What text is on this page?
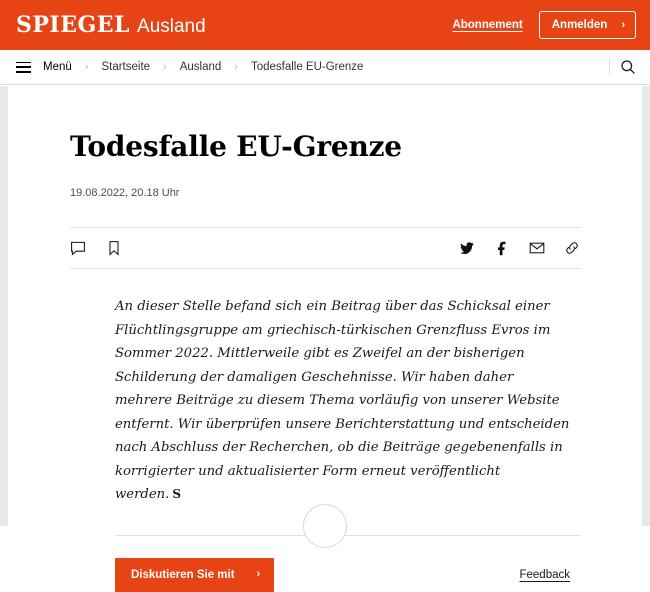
SPIEGEL Ausland	Abonnement	Anmelden ›
Menü › Startseite › Ausland › Todesfalle EU-Grenze
Todesfalle EU-Grenze
19.08.2022, 20.18 Uhr

An dieser Stelle befand sich ein Beitrag über das Schicksal einer Flüchtlingsgruppe am griechisch-türkischen Grenzfluss Evros im Sommer 2022. Mittlerweile gibt es Zweifel an der bisherigen Schilderung der damaligen Geschehnisse. Wir haben daher mehrere Beiträge zu diesem Thema vorläufig von unserer Website entfernt. Wir überprüfen unsere Berichterstattung und entscheiden nach Abschluss der Recherchen, ob die Beiträge gegebenenfalls in korrigierter und aktualisierter Form erneut veröffentlicht werden. S

Diskutieren Sie mit ›	Feedback
